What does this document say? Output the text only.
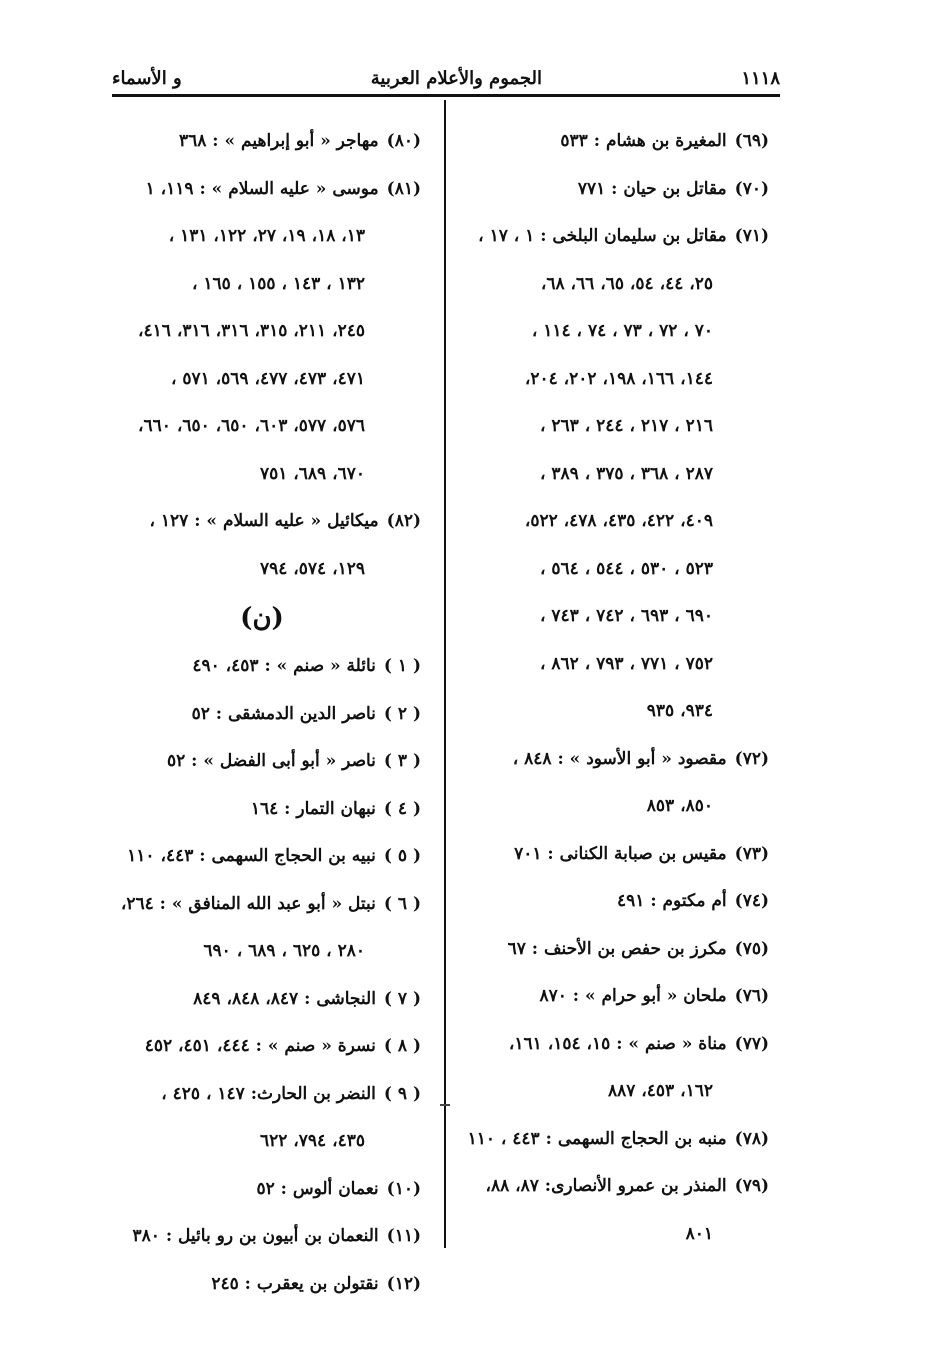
١١١٨
الجموم والأعلام العربية
و الأسماء
(٦٩)المغيرة بن هشام : ٥٣٣
(٧٠)مقاتل بن حيان : ٧٧١
(٧١)مقاتل بن سليمان البلخى : ١ ، ١٧ ،
٢٥، ٤٤، ٥٤، ٦٥، ٦٦، ٦٨،
٧٠ ، ٧٢ ، ٧٣ ، ٧٤ ، ١١٤ ،
١٤٤، ١٦٦، ١٩٨، ٢٠٢، ٢٠٤،
٢١٦ ، ٢١٧ ، ٢٤٤ ، ٢٦٣ ،
٢٨٧ ، ٣٦٨ ، ٣٧٥ ، ٣٨٩ ،
٤٠٩، ٤٢٢، ٤٣٥، ٤٧٨، ٥٢٢،
٥٢٣ ، ٥٣٠ ، ٥٤٤ ، ٥٦٤ ،
٦٩٠ ، ٦٩٣ ، ٧٤٢ ، ٧٤٣ ،
٧٥٢ ، ٧٧١ ، ٧٩٣ ، ٨٦٢ ،
٩٣٤، ٩٣٥
(٧٢)مقصود « أبو الأسود » : ٨٤٨ ،
٨٥٠، ٨٥٣
(٧٣)مقيس بن صبابة الكنانى : ٧٠١
(٧٤)أم مكتوم : ٤٩١
(٧٥)مكرز بن حفص بن الأحنف : ٦٧
(٧٦)ملحان « أبو حرام » : ٨٧٠
(٧٧)مناة « صنم » : ١٥، ١٥٤، ١٦١،
١٦٢، ٤٥٣، ٨٨٧
(٧٨)منبه بن الحجاج السهمى : ٤٤٣ ، ١١٠
(٧٩)المنذر بن عمرو الأنصارى: ٨٧، ٨٨،
٨٠١
(٨٠)مهاجر « أبو إبراهيم » : ٣٦٨
(٨١)موسى « عليه السلام » : ١١٩، ١
١٣، ١٨، ١٩، ٢٧، ١٢٢، ١٣١ ،
١٣٢ ، ١٤٣ ، ١٥٥ ، ١٦٥ ،
٢٤٥، ٢١١، ٣١٥، ٣١٦، ٣١٦، ٤١٦،
٤٧١، ٤٧٣، ٤٧٧، ٥٦٩، ٥٧١ ،
٥٧٦، ٥٧٧، ٦٠٣، ٦٥٠، ٦٥٠، ٦٦٠،
٦٧٠، ٦٨٩، ٧٥١
(٨٢)ميكائيل « عليه السلام » : ١٢٧ ،
١٢٩، ٥٧٤، ٧٩٤
(ن)
( ١ )نائلة « صنم » : ٤٥٣، ٤٩٠
( ٢ )ناصر الدين الدمشقى : ٥٢
( ٣ )ناصر « أبو أبى الفضل » : ٥٢
( ٤ )نبهان التمار : ١٦٤
( ٥ )نبيه بن الحجاج السهمى : ٤٤٣، ١١٠
( ٦ )نبتل « أبو عبد الله المنافق » : ٢٦٤،
٢٨٠ ، ٦٢٥ ، ٦٨٩ ، ٦٩٠
( ٧ )النجاشى : ٨٤٧، ٨٤٨، ٨٤٩
( ٨ )نسرة « صنم » : ٤٤٤، ٤٥١، ٤٥٢
( ٩ )النضر بن الحارث: ١٤٧ ، ٤٢٥ ،
٤٣٥، ٧٩٤، ٦٢٢
(١٠)نعمان ألوس : ٥٢
(١١)النعمان بن أبيون بن رو بائيل : ٣٨٠
(١٢)نقتولن بن يعقرب : ٢٤٥
